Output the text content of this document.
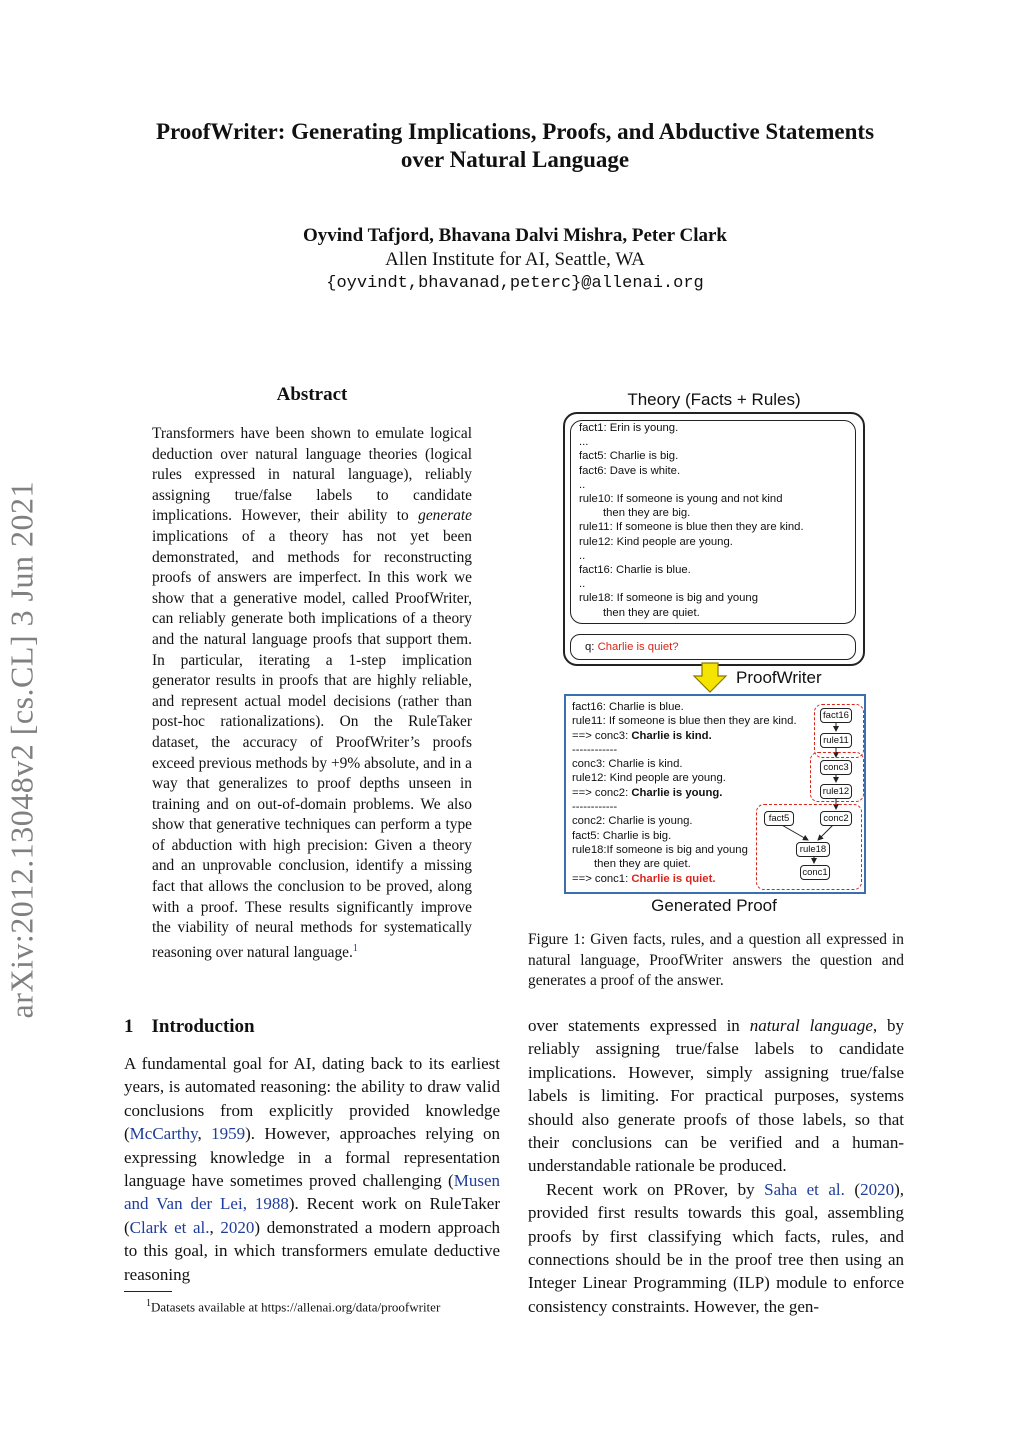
ProofWriter: Generating Implications, Proofs, and Abductive Statements
over Natural Language
Oyvind Tafjord, Bhavana Dalvi Mishra, Peter Clark
Allen Institute for AI, Seattle, WA
{oyvindt,bhavanad,peterc}@allenai.org
arXiv:2012.13048v2 [cs.CL] 3 Jun 2021
Abstract
Transformers have been shown to emulate logical deduction over natural language theories (logical rules expressed in natural language), reliably assigning true/false labels to candidate implications. However, their ability to generate implications of a theory has not yet been demonstrated, and methods for reconstructing proofs of answers are imperfect. In this work we show that a generative model, called ProofWriter, can reliably generate both implications of a theory and the natural language proofs that support them. In particular, iterating a 1-step implication generator results in proofs that are highly reliable, and represent actual model decisions (rather than post-hoc rationalizations). On the RuleTaker dataset, the accuracy of ProofWriter’s proofs exceed previous methods by +9% absolute, and in a way that generalizes to proof depths unseen in training and on out-of-domain problems. We also show that generative techniques can perform a type of abduction with high precision: Given a theory and an unprovable conclusion, identify a missing fact that allows the conclusion to be proved, along with a proof. These results significantly improve the viability of neural methods for systematically reasoning over natural language.$^1$
1 Introduction
A fundamental goal for AI, dating back to its earliest years, is automated reasoning: the ability to draw valid conclusions from explicitly provided knowledge (McCarthy, 1959). However, approaches relying on expressing knowledge in a formal representation language have sometimes proved challenging (Musen and Van der Lei, 1988). Recent work on RuleTaker (Clark et al., 2020) demonstrated a modern approach to this goal, in which transformers emulate deductive reasoning

over statements expressed in natural language, by reliably assigning true/false labels to candidate implications. However, simply assigning true/false labels is limiting. For practical purposes, systems should also generate proofs of those labels, so that their conclusions can be verified and a human-understandable rationale be produced.

Recent work on PRover, by Saha et al. (2020), provided first results towards this goal, assembling proofs by first classifying which facts, rules, and connections should be in the proof tree then using an Integer Linear Programming (ILP) module to enforce consistency constraints. However, the gen-

$^1$Datasets available at https://allenai.org/data/proofwriter
Theory (Facts + Rules)
fact1: Erin is young.
...
fact5: Charlie is big.
fact6: Dave is white.
..
rule10: If someone is young and not kind
then they are big.
rule11: If someone is blue then they are kind.
rule12: Kind people are young.
..
fact16: Charlie is blue.
..
rule18: If someone is big and young
then they are quiet.
q: Charlie is quiet?
ProofWriter
fact16: Charlie is blue.
rule11: If someone is blue then they are kind.
==> conc3: Charlie is kind.
------------
conc3: Charlie is kind.
rule12: Kind people are young.
==> conc2: Charlie is young.
------------
conc2: Charlie is young.
fact5: Charlie is big.
rule18:If someone is big and young
then they are quiet.
==> conc1: Charlie is quiet.
fact16
rule11
conc3
rule12
fact5	conc2
rule18
conc1
Generated Proof
Figure 1: Given facts, rules, and a question all expressed in natural language, ProofWriter answers the question and generates a proof of the answer.
